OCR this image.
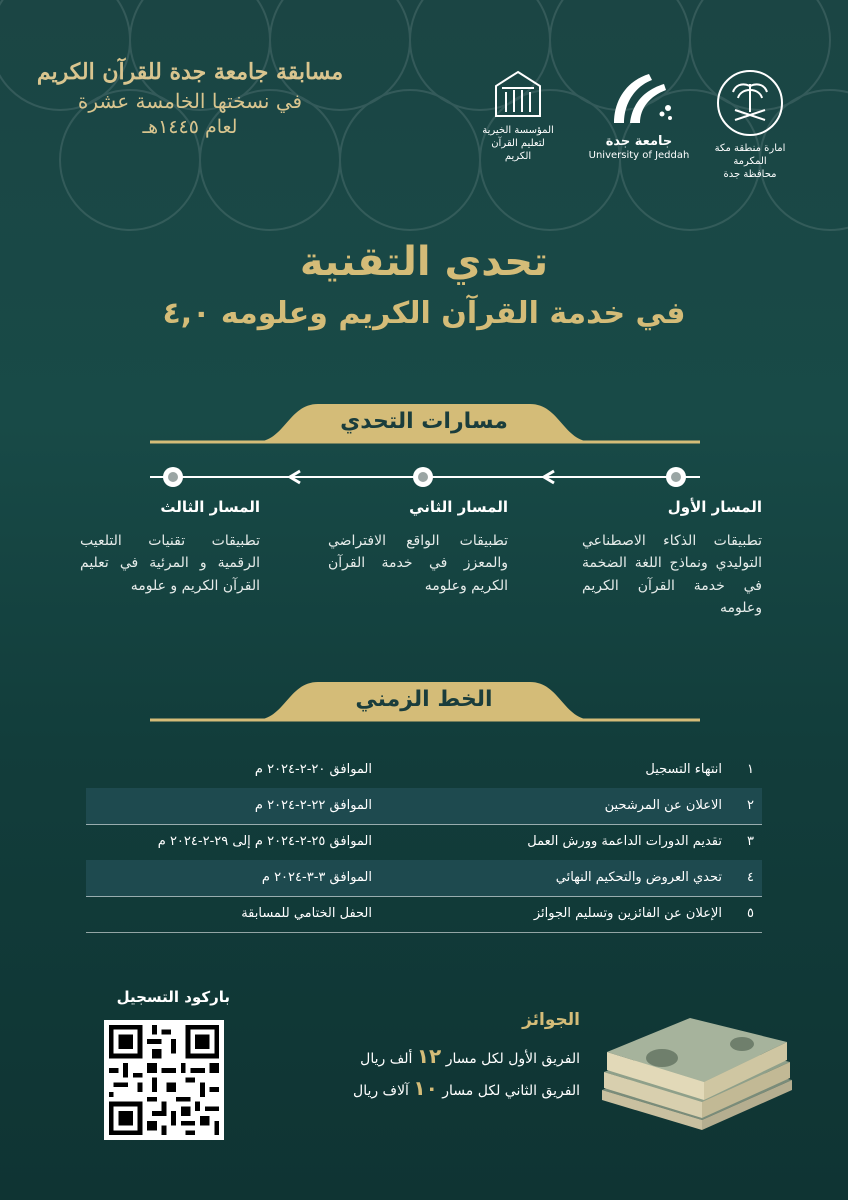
مسابقة جامعة جدة للقرآن الكريم
في نسختها الخامسة عشرة
لعام ١٤٤٥هـ	المؤسسة الخيرية لتعليم القرآن الكريم
جامعة جدة
University of Jeddah
امارة منطقة مكة المكرمة
محافظة جدة
تحدي التقنية
في خدمة القرآن الكريم وعلومه ٤,٠
مسارات التحدي
المسار الأول
تطبيقات الذكاء الاصطناعي التوليدي ونماذج اللغة الضخمة في خدمة القرآن الكريم وعلومه
المسار الثاني
تطبيقات الواقع الافتراضي والمعزز في خدمة القرآن الكريم وعلومه
المسار الثالث
تطبيقات تقنيات التلعيب الرقمية و المرئية في تعليم القرآن الكريم و علومه
الخط الزمني
١
انتهاء التسجيل
الموافق ٢٠-٢-٢٠٢٤ م
٢
الاعلان عن المرشحين
الموافق ٢٢-٢-٢٠٢٤ م
٣
تقديم الدورات الداعمة وورش العمل
الموافق ٢٥-٢-٢٠٢٤ م إلى ٢٩-٢-٢٠٢٤ م
٤
تحدي العروض والتحكيم النهائي
الموافق ٣-٣-٢٠٢٤ م
٥
الإعلان عن الفائزين وتسليم الجوائز
الحفل الختامي للمسابقة
باركود التسجيل
الجوائز
الفريق الأول لكل مسار ١٢ ألف ريال
الفريق الثاني لكل مسار ١٠ آلاف ريال
